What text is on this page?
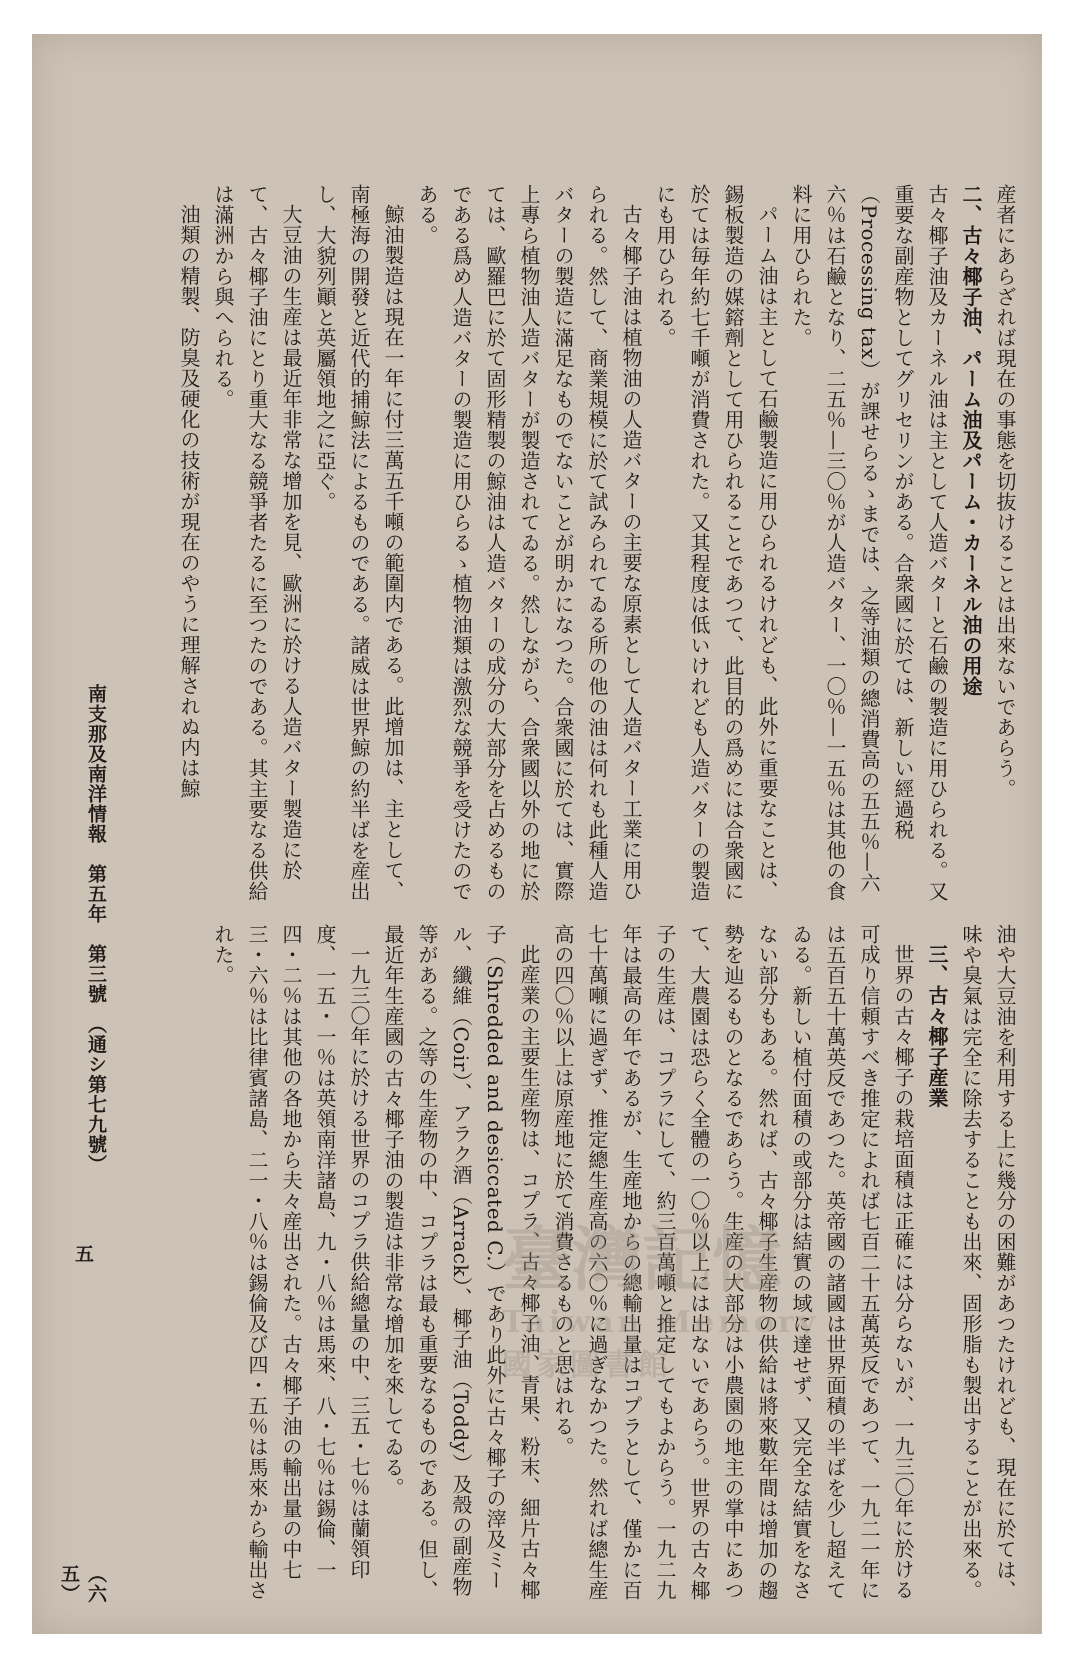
産者にあらざれば現在の事態を切抜けることは出來ないであらう。

二、古々椰子油、パーム油及パーム・カーネル油の用途

古々椰子油及カーネル油は主として人造バターと石鹼の製造に用ひられる。又重要な副産物としてグリセリンがある。合衆國に於ては、新しい經過税（Processing tax）が課せらるゝまでは、之等油類の總消費高の五五％—六六％は石鹼となり、二五％—三〇％が人造バター、一〇％—一五％は其他の食料に用ひられた。

パーム油は主として石鹼製造に用ひられるけれども、此外に重要なことは、錫板製造の媒鎔劑として用ひられることであつて、此目的の爲めには合衆國に於ては毎年約七千噸が消費された。又其程度は低いけれども人造バターの製造にも用ひられる。

古々椰子油は植物油の人造バターの主要な原素として人造バター工業に用ひられる。然して、商業規模に於て試みられてゐる所の他の油は何れも此種人造バターの製造に滿足なものでないことが明かになつた。合衆國に於ては、實際上專ら植物油人造バターが製造されてゐる。然しながら、合衆國以外の地に於ては、歐羅巴に於て固形精製の鯨油は人造バターの成分の大部分を占めるものである爲め人造バターの製造に用ひらるゝ植物油類は激烈な競爭を受けたのである。

鯨油製造は現在一年に付三萬五千噸の範圍内である。此增加は、主として、南極海の開發と近代的捕鯨法によるものである。諸威は世界鯨の約半ばを産出し、大貌列顚と英屬領地之に亞ぐ。

大豆油の生産は最近年非常な增加を見、歐洲に於ける人造バター製造に於て、古々椰子油にとり重大なる競爭者たるに至つたのである。其主要なる供給は滿洲から與へられる。

油類の精製、防臭及硬化の技術が現在のやうに理解されぬ内は鯨

油や大豆油を利用する上に幾分の困難があつたけれども、現在に於ては、味や臭氣は完全に除去することも出來、固形脂も製出することが出來る。

三、古々椰子産業

世界の古々椰子の栽培面積は正確には分らないが、一九三〇年に於ける可成り信頼すべき推定によれば七百二十五萬英反であつて、一九二一年には五百五十萬英反であつた。英帝國の諸國は世界面積の半ばを少し超えてゐる。新しい植付面積の或部分は結實の域に達せず、又完全な結實をなさない部分もある。然れば、古々椰子生産物の供給は將來數年間は增加の趨勢を辿るものとなるであらう。生産の大部分は小農園の地主の掌中にあつて、大農園は恐らく全體の一〇％以上には出ないであらう。世界の古々椰子の生産は、コプラにして、約三百萬噸と推定してもよからう。一九二九年は最高の年であるが、生産地からの總輸出量はコプラとして、僅かに百七十萬噸に過ぎず、推定總生産高の六〇％に過ぎなかつた。然れば總生産高の四〇％以上は原産地に於て消費さるものと思はれる。

此産業の主要生産物は、コプラ、古々椰子油、青果、粉末、細片古々椰子（Shredded and desiccated C.）であり此外に古々椰子の滓及ミール、纖維（Coir）、アラク酒（Arrack）、椰子油（Toddy）及殼の副産物等がある。之等の生産物の中、コプラは最も重要なるものである。但し、最近年生産國の古々椰子油の製造は非常な增加を來してゐる。

一九三〇年に於ける世界のコプラ供給總量の中、三五・七％は蘭領印度、一五・一％は英領南洋諸島、九・八％は馬來、八・七％は錫倫、一四・二％は其他の各地から夫々産出された。古々椰子油の輸出量の中七三・六％は比律賓諸島、二一・八％は錫倫及び四・五％は馬來から輸出された。

南支那及南洋情報　第五年　第三號　（通シ第七九號）
五
（六五）
臺灣記憶
Taiwan Memory
國家圖書館
